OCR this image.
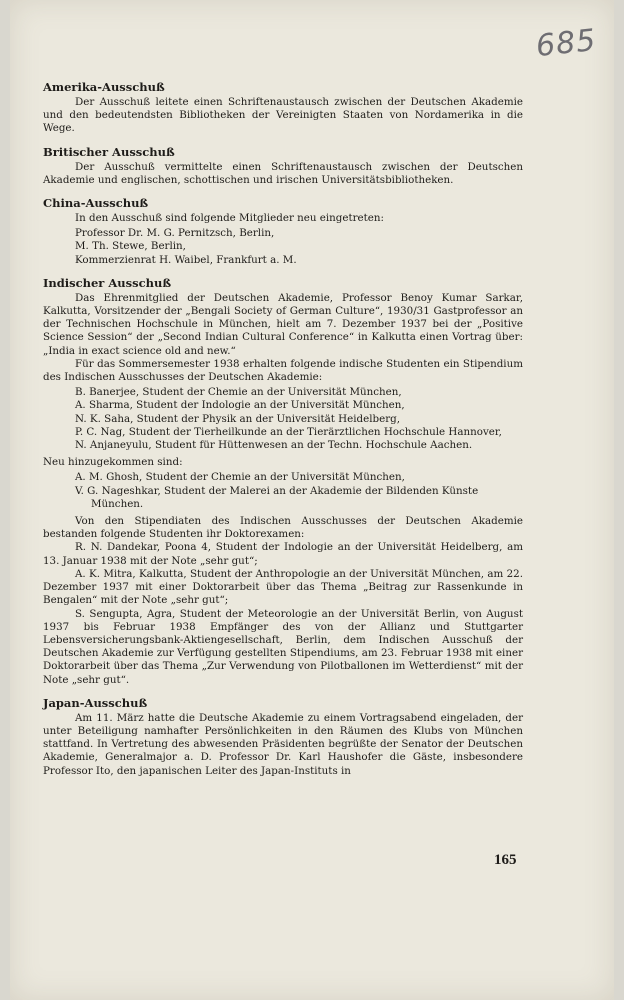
685
Amerika-Ausschuß

Der Ausschuß leitete einen Schriftenaustausch zwischen der Deutschen Akademie und den bedeutendsten Bibliotheken der Vereinigten Staaten von Nordamerika in die Wege.

Britischer Ausschuß

Der Ausschuß vermittelte einen Schriftenaustausch zwischen der Deutschen Akademie und englischen, schottischen und irischen Universitätsbibliotheken.

China-Ausschuß

In den Ausschuß sind folgende Mitglieder neu eingetreten:

Professor Dr. M. G. Pernitzsch, Berlin,
M. Th. Stewe, Berlin,
Kommerzienrat H. Waibel, Frankfurt a. M.
Indischer Ausschuß

Das Ehrenmitglied der Deutschen Akademie, Professor Benoy Kumar Sarkar, Kalkutta, Vorsitzender der „Bengali Society of German Culture“, 1930/31 Gastprofessor an der Technischen Hochschule in München, hielt am 7. Dezember 1937 bei der „Positive Science Session“ der „Second Indian Cultural Conference“ in Kalkutta einen Vortrag über: „India in exact science old and new.“

Für das Sommersemester 1938 erhalten folgende indische Studenten ein Stipendium des Indischen Ausschusses der Deutschen Akademie:

B. Banerjee, Student der Chemie an der Universität München,
A. Sharma, Student der Indologie an der Universität München,
N. K. Saha, Student der Physik an der Universität Heidelberg,
P. C. Nag, Student der Tierheilkunde an der Tierärztlichen Hochschule Hannover,
N. Anjaneyulu, Student für Hüttenwesen an der Techn. Hochschule Aachen.

Neu hinzugekommen sind:

A. M. Ghosh, Student der Chemie an der Universität München,
V. G. Nageshkar, Student der Malerei an der Akademie der Bildenden Künste München.

Von den Stipendiaten des Indischen Ausschusses der Deutschen Akademie bestanden folgende Studenten ihr Doktorexamen:

R. N. Dandekar, Poona 4, Student der Indologie an der Universität Heidelberg, am 13. Januar 1938 mit der Note „sehr gut“;

A. K. Mitra, Kalkutta, Student der Anthropologie an der Universität München, am 22. Dezember 1937 mit einer Doktorarbeit über das Thema „Beitrag zur Rassenkunde in Bengalen“ mit der Note „sehr gut“;

S. Sengupta, Agra, Student der Meteorologie an der Universität Berlin, von August 1937 bis Februar 1938 Empfänger des von der Allianz und Stuttgarter Lebensversicherungsbank-Aktiengesellschaft, Berlin, dem Indischen Ausschuß der Deutschen Akademie zur Verfügung gestellten Stipendiums, am 23. Februar 1938 mit einer Doktorarbeit über das Thema „Zur Verwendung von Pilotballonen im Wetterdienst“ mit der Note „sehr gut“.

Japan-Ausschuß

Am 11. März hatte die Deutsche Akademie zu einem Vortragsabend eingeladen, der unter Beteiligung namhafter Persönlichkeiten in den Räumen des Klubs von München stattfand. In Vertretung des abwesenden Präsidenten begrüßte der Senator der Deutschen Akademie, Generalmajor a. D. Professor Dr. Karl Haushofer die Gäste, insbesondere Professor Ito, den japanischen Leiter des Japan-Instituts in

165
